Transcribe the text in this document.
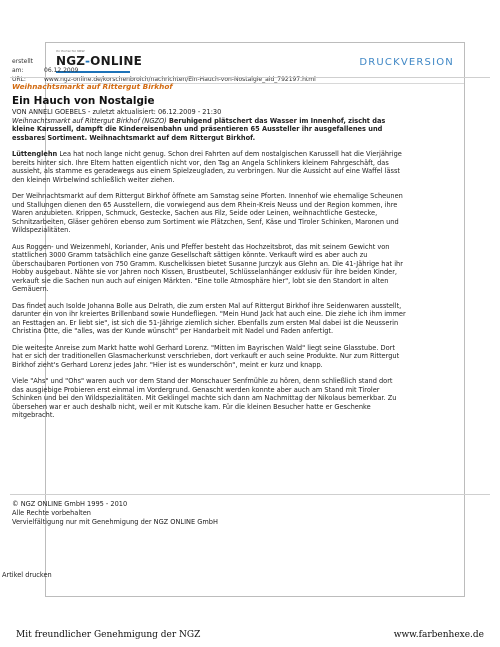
Ihr Portal für NRW
NGZ-ONLINE	DRUCKVERSION
erstellt am:	06.12.2009
URL:	www.ngz-online.de/korschenbroich/nachrichten/Ein-Hauch-von-Nostalgie_aid_792197.html
Weihnachtsmarkt auf Rittergut Birkhof
Ein Hauch von Nostalgie
VON ANNELI GOEBELS - zuletzt aktualisiert: 06.12.2009 - 21:30
Weihnachtsmarkt auf Rittergut Birkhof (NGZO) Beruhigend plätschert das Wasser im Innenhof, zischt das kleine Karussell, dampft die Kindereisenbahn und präsentieren 65 Aussteller ihr ausgefallenes und essbares Sortiment. Weihnachtsmarkt auf dem Rittergut Birkhof.

Lüttenglehn Lea hat noch lange nicht genug. Schon drei Fahrten auf dem nostalgischen Karussell hat die Vierjährige bereits hinter sich. Ihre Eltern hatten eigentlich nicht vor, den Tag an Angela Schlinkers kleinem Fahrgeschäft, das aussieht, als stamme es geradewegs aus einem Spielzeugladen, zu verbringen. Nur die Aussicht auf eine Waffel lässt den kleinen Wirbelwind schließlich weiter ziehen.

Der Weihnachtsmarkt auf dem Rittergut Birkhof öffnete am Samstag seine Pforten. Innenhof wie ehemalige Scheunen und Stallungen dienen den 65 Ausstellern, die vorwiegend aus dem Rhein-Kreis Neuss und der Region kommen, ihre Waren anzubieten. Krippen, Schmuck, Gestecke, Sachen aus Filz, Seide oder Leinen, weihnachtliche Gestecke, Schnitzarbeiten, Gläser gehören ebenso zum Sortiment wie Plätzchen, Senf, Käse und Tiroler Schinken, Maronen und Wildspezialitäten.

Aus Roggen- und Weizenmehl, Koriander, Anis und Pfeffer besteht das Hochzeitsbrot, das mit seinem Gewicht von stattlichen 3000 Gramm tatsächlich eine ganze Gesellschaft sättigen könnte. Verkauft wird es aber auch zu überschaubaren Portionen von 750 Gramm. Kuschelkissen bietet Susanne Jurczyk aus Glehn an. Die 41-Jährige hat ihr Hobby ausgebaut. Nähte sie vor Jahren noch Kissen, Brustbeutel, Schlüsselanhänger exklusiv für ihre beiden Kinder, verkauft sie die Sachen nun auch auf einigen Märkten. "Eine tolle Atmosphäre hier", lobt sie den Standort in alten Gemäuern.

Das findet auch Isolde Johanna Bolle aus Delrath, die zum ersten Mal auf Rittergut Birkhof ihre Seidenwaren ausstellt, darunter ein von ihr kreiertes Brillenband sowie Hundefliegen. "Mein Hund Jack hat auch eine. Die ziehe ich ihm immer an Festtagen an. Er liebt sie", ist sich die 51-Jährige ziemlich sicher. Ebenfalls zum ersten Mal dabei ist die Neusserin Christina Otte, die "alles, was der Kunde wünscht" per Handarbeit mit Nadel und Faden anfertigt.

Die weiteste Anreise zum Markt hatte wohl Gerhard Lorenz. "Mitten im Bayrischen Wald" liegt seine Glasstube. Dort hat er sich der traditionellen Glasmacherkunst verschrieben, dort verkauft er auch seine Produkte. Nur zum Rittergut Birkhof zieht's Gerhard Lorenz jedes Jahr. "Hier ist es wunderschön", meint er kurz und knapp.

Viele "Ahs" und "Ohs" waren auch vor dem Stand der Monschauer Senfmühle zu hören, denn schließlich stand dort das ausgiebige Probieren erst einmal im Vordergrund. Genascht werden konnte aber auch am Stand mit Tiroler Schinken und bei den Wildspezialitäten. Mit Geklingel machte sich dann am Nachmittag der Nikolaus bemerkbar. Zu übersehen war er auch deshalb nicht, weil er mit Kutsche kam. Für die kleinen Besucher hatte er Geschenke mitgebracht.

© NGZ ONLINE GmbH 1995 - 2010
Alle Rechte vorbehalten
Vervielfältigung nur mit Genehmigung der NGZ ONLINE GmbH
Artikel drucken
Mit freundlicher Genehmigung der NGZ	www.farbenhexe.de
